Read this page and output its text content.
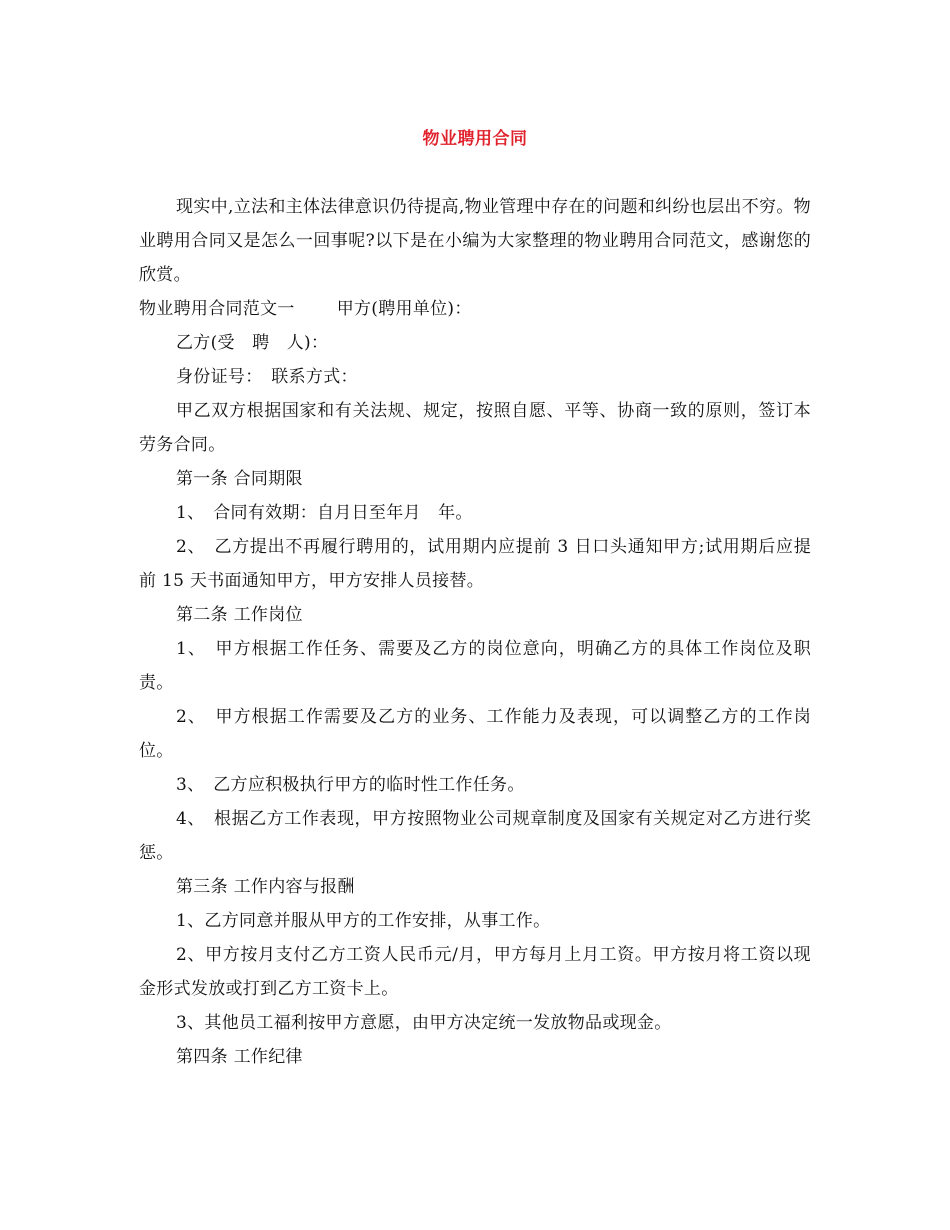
物业聘用合同

现实中,立法和主体法律意识仍待提高,物业管理中存在的问题和纠纷也层出不穷。物业聘用合同又是怎么一回事呢?以下是在小编为大家整理的物业聘用合同范文，感谢您的欣赏。

物业聘用合同范文一 甲方(聘用单位)：

乙方(受　聘　人)：

身份证号：　联系方式：

甲乙双方根据国家和有关法规、规定，按照自愿、平等、协商一致的原则，签订本劳务合同。

第一条 合同期限

1、　合同有效期：自月日至年月　年。

2、　乙方提出不再履行聘用的，试用期内应提前 3 日口头通知甲方;试用期后应提前 15 天书面通知甲方，甲方安排人员接替。

第二条 工作岗位

1、　甲方根据工作任务、需要及乙方的岗位意向，明确乙方的具体工作岗位及职责。

2、　甲方根据工作需要及乙方的业务、工作能力及表现，可以调整乙方的工作岗位。

3、　乙方应积极执行甲方的临时性工作任务。

4、　根据乙方工作表现，甲方按照物业公司规章制度及国家有关规定对乙方进行奖惩。

第三条 工作内容与报酬

1、乙方同意并服从甲方的工作安排，从事工作。

2、甲方按月支付乙方工资人民币元/月，甲方每月上月工资。甲方按月将工资以现金形式发放或打到乙方工资卡上。

3、其他员工福利按甲方意愿，由甲方决定统一发放物品或现金。

第四条 工作纪律
